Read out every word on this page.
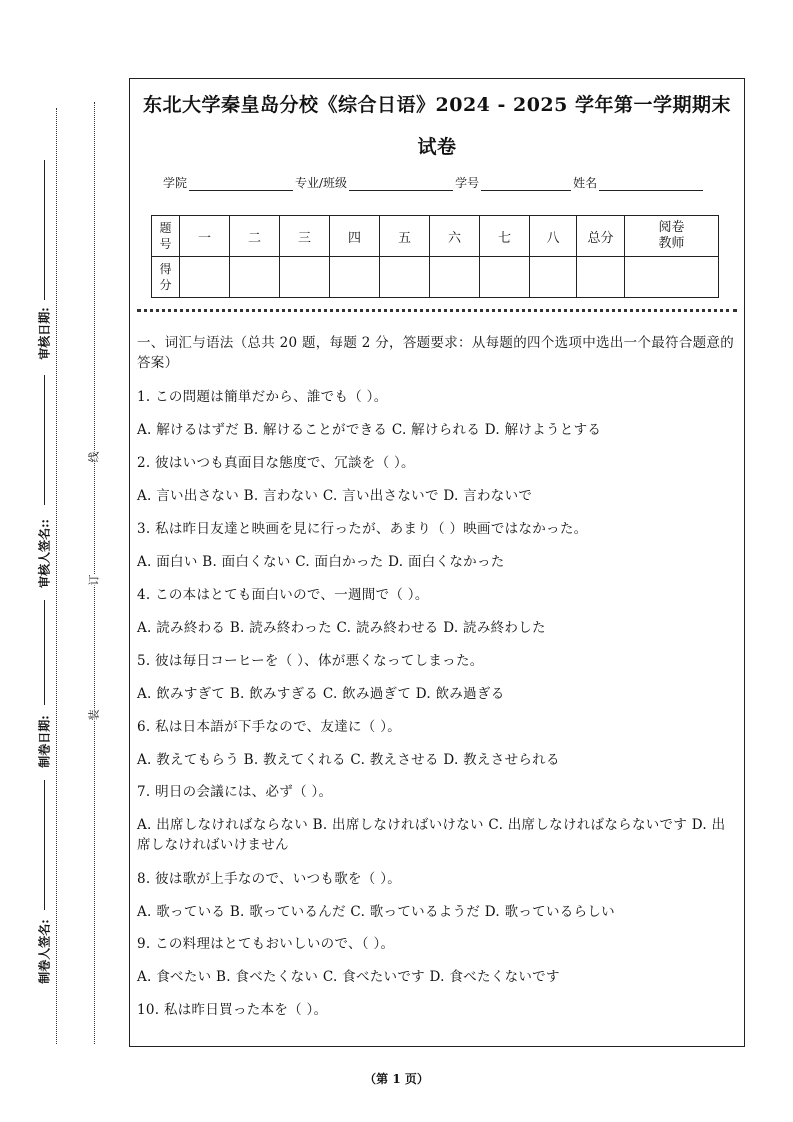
审核日期:
审核人签名::
制卷日期:
制卷人签名:
线
订
装
东北大学秦皇岛分校《综合日语》2024 - 2025 学年第一学期期末
试卷
学院	专业/班级	学号	姓名
题号	一	二	三	四	五	六	七	八	总分	阅卷教师
得分										
一、词汇与语法（总共 20 题，每题 2 分，答题要求：从每题的四个选项中选出一个最符合题意的答案）
1. この問題は簡単だから、誰でも（ ）。
A. 解けるはずだ B. 解けることができる C. 解けられる D. 解けようとする
2. 彼はいつも真面目な態度で、冗談を（ ）。
A. 言い出さない B. 言わない C. 言い出さないで D. 言わないで
3. 私は昨日友達と映画を見に行ったが、あまり（ ）映画ではなかった。
A. 面白い B. 面白くない C. 面白かった D. 面白くなかった
4. この本はとても面白いので、一週間で（ ）。
A. 読み終わる B. 読み終わった C. 読み終わせる D. 読み終わした
5. 彼は毎日コーヒーを（ ）、体が悪くなってしまった。
A. 飲みすぎて B. 飲みすぎる C. 飲み過ぎて D. 飲み過ぎる
6. 私は日本語が下手なので、友達に（ ）。
A. 教えてもらう B. 教えてくれる C. 教えさせる D. 教えさせられる
7. 明日の会議には、必ず（ ）。
A. 出席しなければならない B. 出席しなければいけない C. 出席しなければならないです D. 出席しなければいけません
8. 彼は歌が上手なので、いつも歌を（ ）。
A. 歌っている B. 歌っているんだ C. 歌っているようだ D. 歌っているらしい
9. この料理はとてもおいしいので、（ ）。
A. 食べたい B. 食べたくない C. 食べたいです D. 食べたくないです
10. 私は昨日買った本を（ ）。
（第 1 页）
